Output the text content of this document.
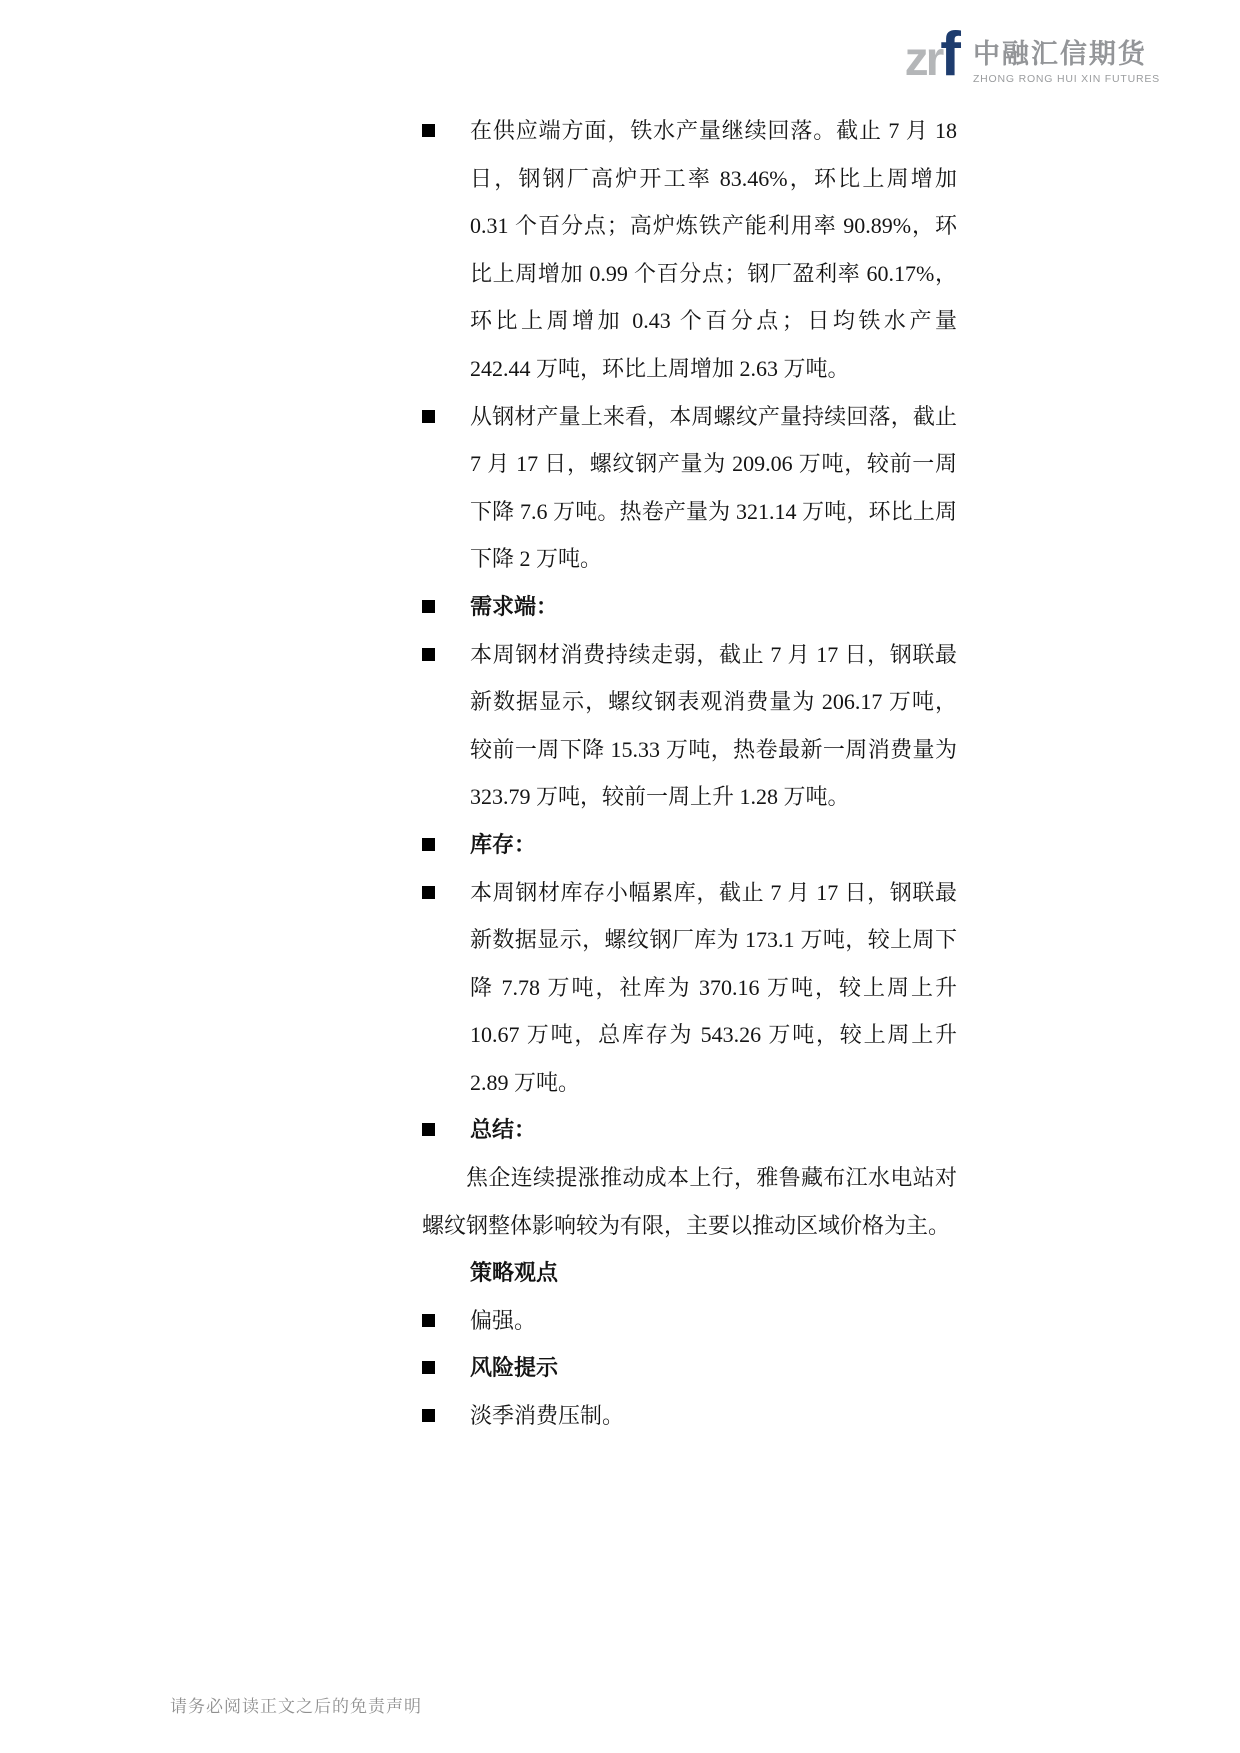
zr f 中融汇信期货
ZHONG RONG HUI XIN FUTURES
在供应端方面，铁水产量继续回落。截止 7 月 18 日，钢钢厂高炉开工率 83.46%，环比上周增加 0.31 个百分点；高炉炼铁产能利用率 90.89%，环比上周增加 0.99 个百分点；钢厂盈利率 60.17%，环比上周增加 0.43 个百分点；日均铁水产量 242.44 万吨，环比上周增加 2.63 万吨。
从钢材产量上来看，本周螺纹产量持续回落，截止 7 月 17 日，螺纹钢产量为 209.06 万吨，较前一周下降 7.6 万吨。热卷产量为 321.14 万吨，环比上周下降 2 万吨。
需求端：
本周钢材消费持续走弱，截止 7 月 17 日，钢联最新数据显示，螺纹钢表观消费量为 206.17 万吨，较前一周下降 15.33 万吨，热卷最新一周消费量为 323.79 万吨，较前一周上升 1.28 万吨。
库存：
本周钢材库存小幅累库，截止 7 月 17 日，钢联最新数据显示，螺纹钢厂库为 173.1 万吨，较上周下降 7.78 万吨，社库为 370.16 万吨，较上周上升 10.67 万吨，总库存为 543.26 万吨，较上周上升 2.89 万吨。
总结：

焦企连续提涨推动成本上行，雅鲁藏布江水电站对螺纹钢整体影响较为有限，主要以推动区域价格为主。

策略观点
偏强。
风险提示
淡季消费压制。
请务必阅读正文之后的免责声明
